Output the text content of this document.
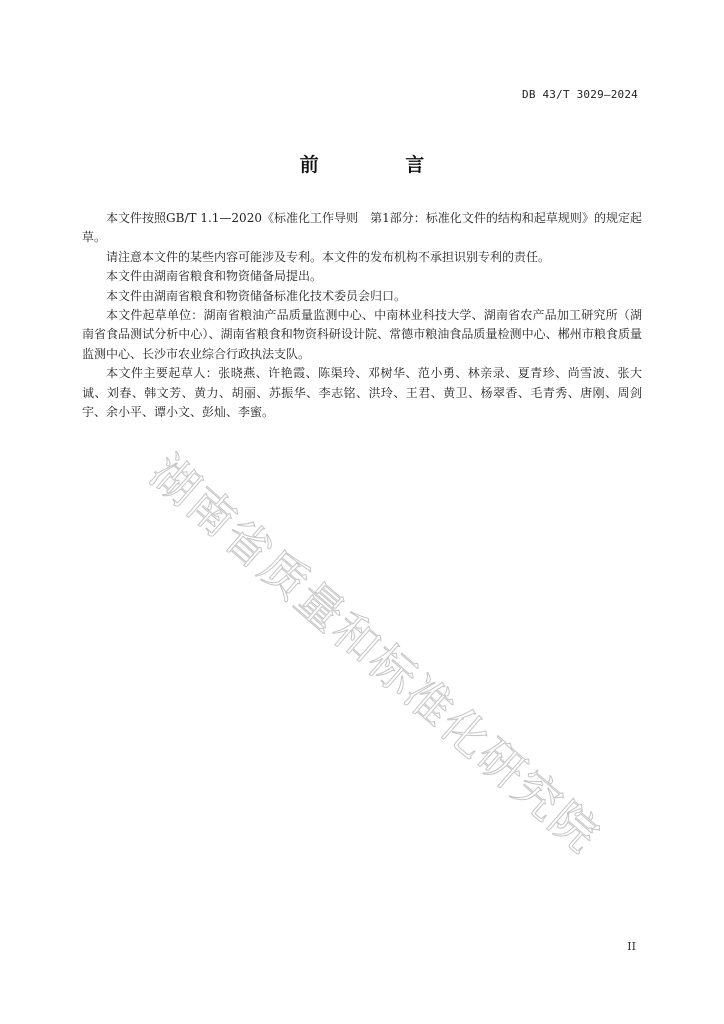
湖南省质量和标准化研究院
DB 43/T 3029—2024
前 言

本文件按照GB/T 1.1—2020《标准化工作导则　第1部分：标准化文件的结构和起草规则》的规定起草。

请注意本文件的某些内容可能涉及专利。本文件的发布机构不承担识别专利的责任。

本文件由湖南省粮食和物资储备局提出。

本文件由湖南省粮食和物资储备标准化技术委员会归口。

本文件起草单位：湖南省粮油产品质量监测中心、中南林业科技大学、湖南省农产品加工研究所（湖南省食品测试分析中心）、湖南省粮食和物资科研设计院、常德市粮油食品质量检测中心、郴州市粮食质量监测中心、长沙市农业综合行政执法支队。

本文件主要起草人：张晓燕、许艳霞、陈渠玲、邓树华、范小勇、林亲录、夏青珍、尚雪波、张大诚、刘春、韩文芳、黄力、胡丽、苏振华、李志铭、洪玲、王君、黄卫、杨翠香、毛青秀、唐刚、周剑宇、余小平、谭小文、彭灿、李蜜。

II
